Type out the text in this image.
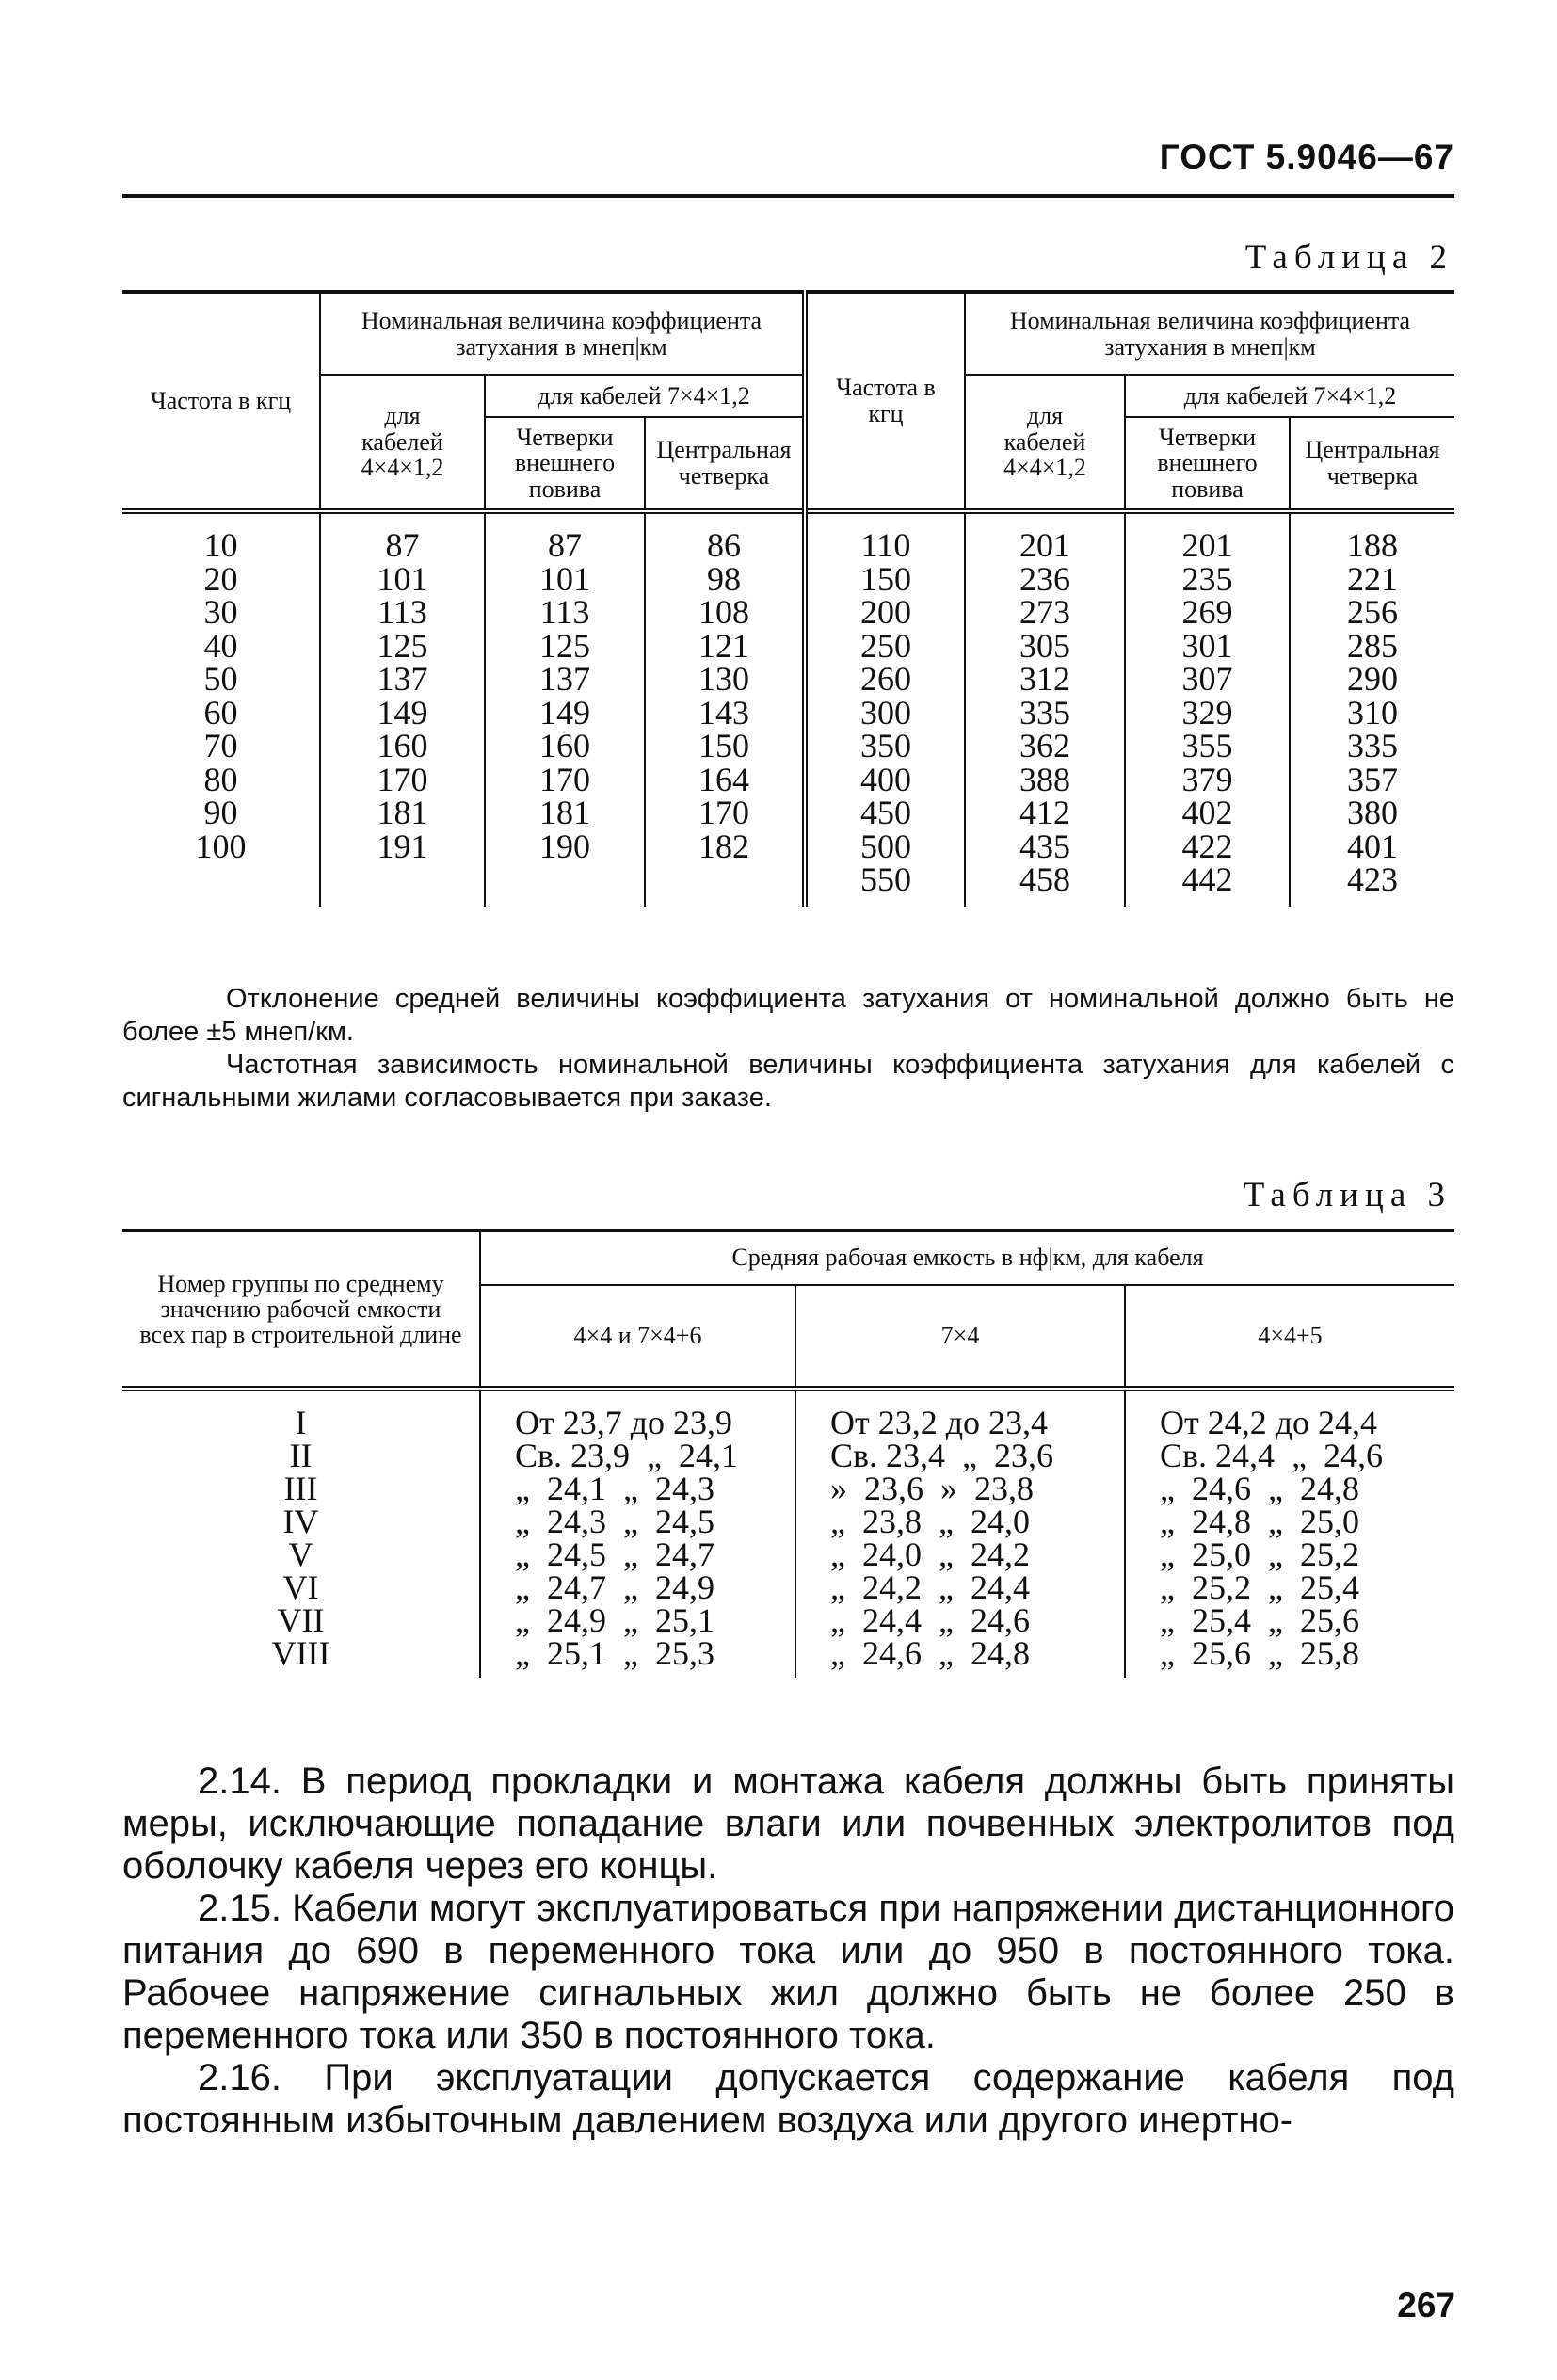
ГОСТ 5.9046—67
Таблица 2
Частота в кгц	Номинальная величина коэффициента затухания в мнеп|км			Частота в кгц	Номинальная величина коэффициента затухания в мнеп|км		
	для кабелей 4×4×1,2	для кабелей 7×4×1,2			для кабелей 4×4×1,2	для кабелей 7×4×1,2	
		Четверки внешнего повива	Центральная четверка			Четверки внешнего повива	Центральная четверка
10	87	87	86	110	201	201	188
20	101	101	98	150	236	235	221
30	113	113	108	200	273	269	256
40	125	125	121	250	305	301	285
50	137	137	130	260	312	307	290
60	149	149	143	300	335	329	310
70	160	160	150	350	362	355	335
80	170	170	164	400	388	379	357
90	181	181	170	450	412	402	380
100	191	190	182	500	435	422	401
				550	458	442	423

Отклонение средней величины коэффициента затухания от номинальной должно быть не более ±5 мнеп/км.

Частотная зависимость номинальной величины коэффициента затухания для кабелей с сигнальными жилами согласовывается при заказе.

Таблица 3
Номер группы по среднему значению рабочей емкости всех пар в строительной длине	Средняя рабочая емкость в нф|км, для кабеля		
	4×4 и 7×4+6	7×4	4×4+5
I	От 23,7 до 23,9	От 23,2 до 23,4	От 24,2 до 24,4
II	Св. 23,9  „  24,1	Св. 23,4  „  23,6	Св. 24,4  „  24,6
III	„  24,1  „  24,3	»  23,6  »  23,8	„  24,6  „  24,8
IV	„  24,3  „  24,5	„  23,8  „  24,0	„  24,8  „  25,0
V	„  24,5  „  24,7	„  24,0  „  24,2	„  25,0  „  25,2
VI	„  24,7  „  24,9	„  24,2  „  24,4	„  25,2  „  25,4
VII	„  24,9  „  25,1	„  24,4  „  24,6	„  25,4  „  25,6
VIII	„  25,1  „  25,3	„  24,6  „  24,8	„  25,6  „  25,8

2.14. В период прокладки и монтажа кабеля должны быть приняты меры, исключающие попадание влаги или почвенных электролитов под оболочку кабеля через его концы.

2.15. Кабели могут эксплуатироваться при напряжении дистанционного питания до 690 в переменного тока или до 950 в постоянного тока. Рабочее напряжение сигнальных жил должно быть не более 250 в переменного тока или 350 в постоянного тока.

2.16. При эксплуатации допускается содержание кабеля под постоянным избыточным давлением воздуха или другого инертно-

267
